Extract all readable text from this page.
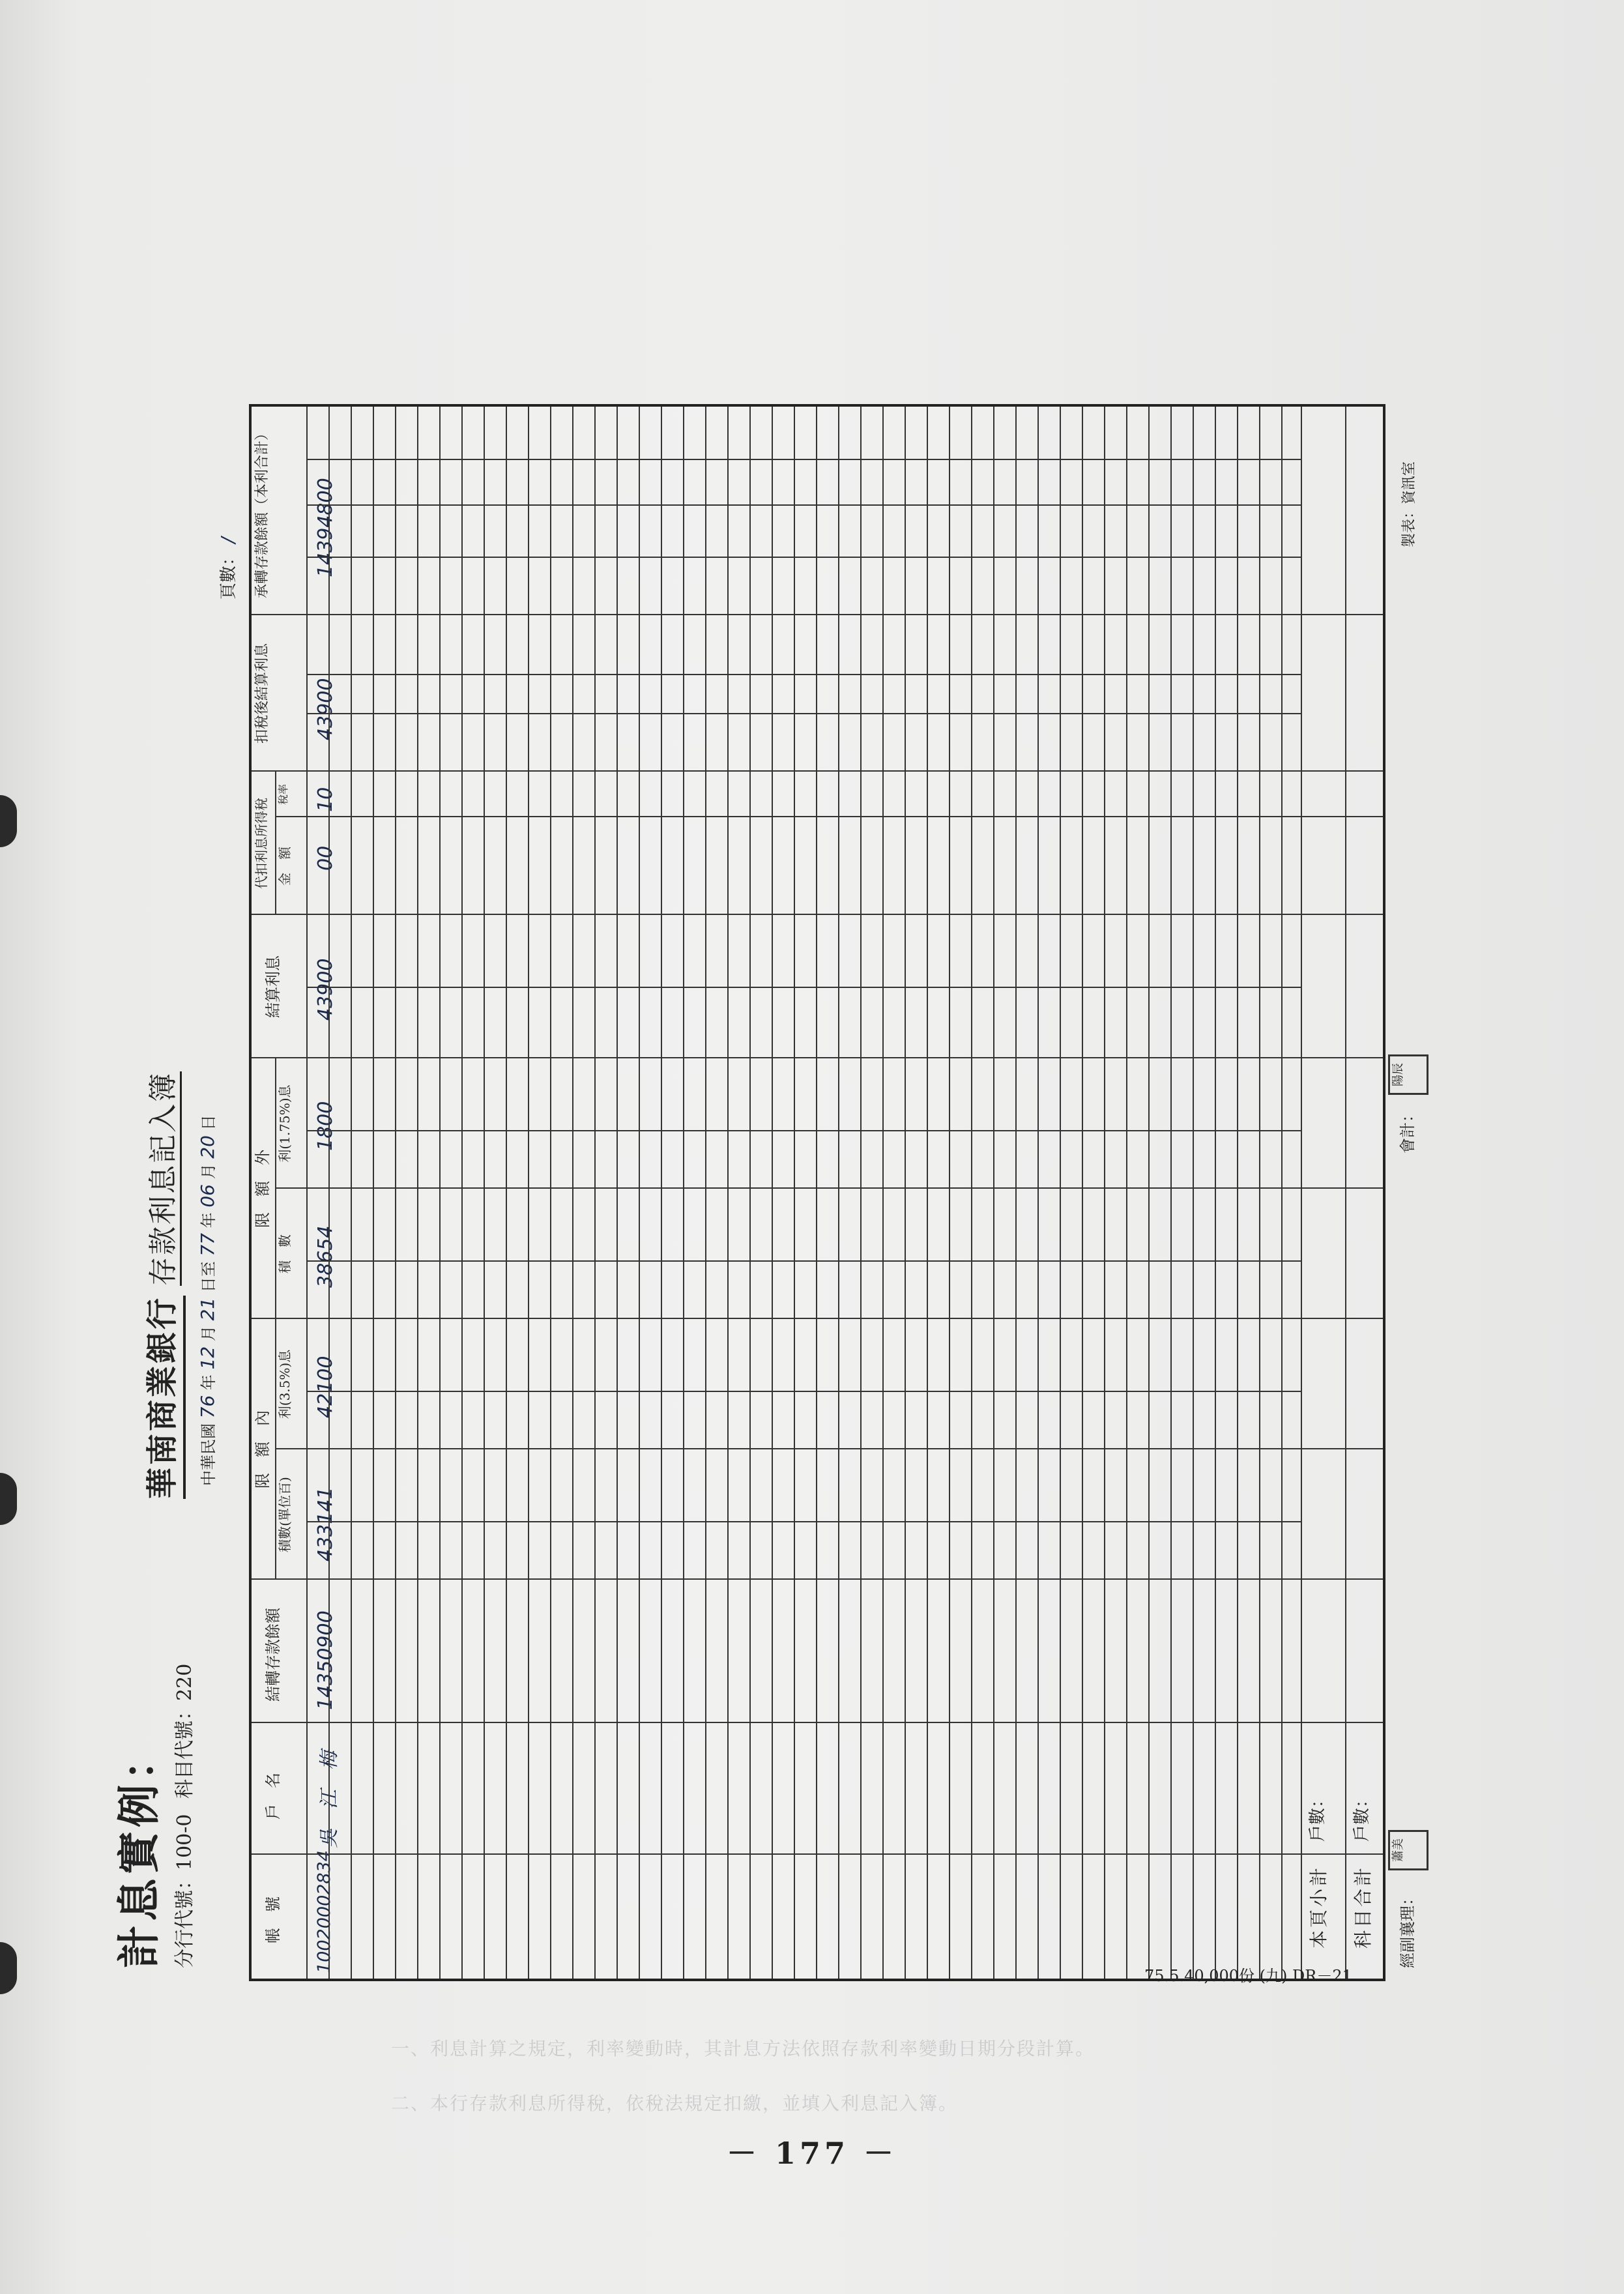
計息實例： 分行代號：100-0 科目代號：220
華南商業銀行 存款利息記入簿
中華民國 76 年 12 月 21 日至 77 年 06 月 20 日
頁數： /
帳　號
戶　名
結轉存款餘額
限　額　內
積數(單位百)
利(3.5%)息
限　額　外
積　數
利(1.75%)息
結算利息
代扣利息所得稅 金　額
稅率
扣稅後結算利息
承轉存款餘額（本利合計）
10020002834
吳　江　梅
14350900
433141
42100
38654
1800
43900
00
10
43900
14394800
本頁小計
戶數：
科目合計
戶數：
經副襄理：
蕭美
會計：
陽辰
製表：資訊室
75.5.40,000份 (九) DR－21
一、利息計算之規定，利率變動時，其計息方法依照存款利率變動日期分段計算。
二、本行存款利息所得稅，依稅法規定扣繳，並填入利息記入簿。
－ 177 －
